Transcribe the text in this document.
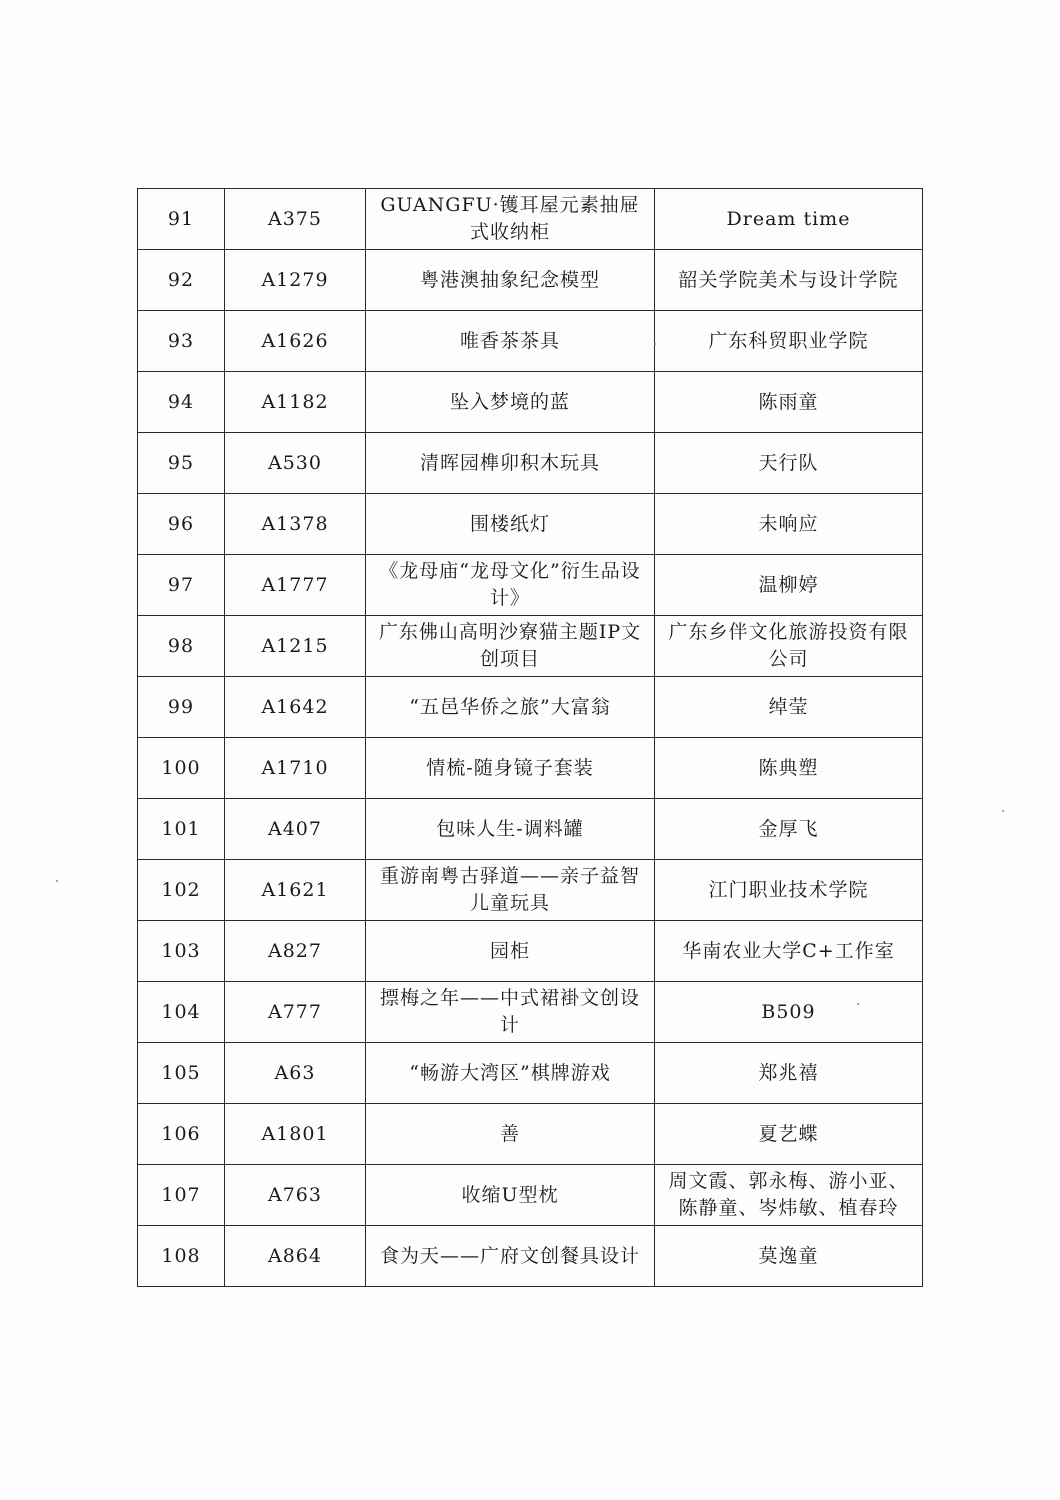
91	A375	GUANGFU·镬耳屋元素抽屉式收纳柜	Dream time
92	A1279	粤港澳抽象纪念模型	韶关学院美术与设计学院
93	A1626	唯香茶茶具	广东科贸职业学院
94	A1182	坠入梦境的蓝	陈雨童
95	A530	清晖园榫卯积木玩具	天行队
96	A1378	围楼纸灯	未响应
97	A1777	《龙母庙“龙母文化”衍生品设计》	温柳婷
98	A1215	广东佛山高明沙寮猫主题IP文创项目	广东乡伴文化旅游投资有限公司
99	A1642	“五邑华侨之旅”大富翁	绰莹
100	A1710	情梳-随身镜子套装	陈典塑
101	A407	包味人生-调料罐	金厚飞
102	A1621	重游南粤古驿道——亲子益智儿童玩具	江门职业技术学院
103	A827	园柜	华南农业大学C+工作室
104	A777	摽梅之年——中式裙褂文创设计	B509
105	A63	“畅游大湾区”棋牌游戏	郑兆禧
106	A1801	善	夏艺蝶
107	A763	收缩U型枕	周文霞、郭永梅、游小亚、陈静童、岑炜敏、植春玲
108	A864	食为天——广府文创餐具设计	莫逸童
